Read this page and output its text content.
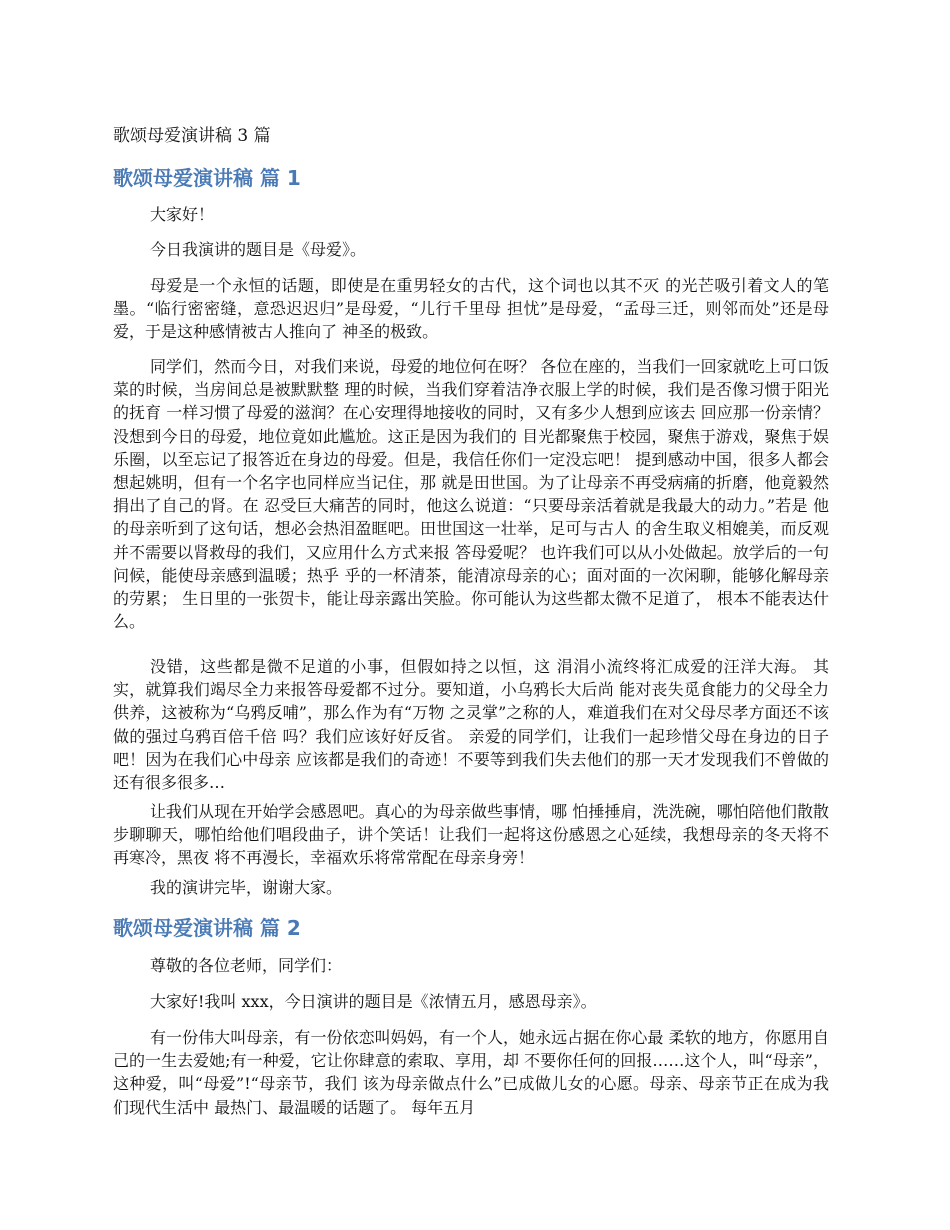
歌颂母爱演讲稿 3 篇
歌颂母爱演讲稿 篇 1

大家好！

今日我演讲的题目是《母爱》。

母爱是一个永恒的话题，即使是在重男轻女的古代，这个词也以其不灭 的光芒吸引着文人的笔墨。“临行密密缝，意恐迟迟归”是母爱，“儿行千里母 担忧”是母爱，“孟母三迁，则邻而处”还是母爱，于是这种感情被古人推向了 神圣的极致。

同学们，然而今日，对我们来说，母爱的地位何在呀？ 各位在座的，当我们一回家就吃上可口饭菜的时候，当房间总是被默默整 理的时候，当我们穿着洁净衣服上学的时候，我们是否像习惯于阳光的抚育 一样习惯了母爱的滋润？在心安理得地接收的同时，又有多少人想到应该去 回应那一份亲情？没想到今日的母爱，地位竟如此尴尬。这正是因为我们的 目光都聚焦于校园，聚焦于游戏，聚焦于娱乐圈，以至忘记了报答近在身边的母爱。但是，我信任你们一定没忘吧！ 提到感动中国，很多人都会想起姚明，但有一个名字也同样应当记住，那 就是田世国。为了让母亲不再受病痛的折磨，他竟毅然捐出了自己的肾。在 忍受巨大痛苦的同时，他这么说道：“只要母亲活着就是我最大的动力。”若是 他的母亲听到了这句话，想必会热泪盈眶吧。田世国这一壮举，足可与古人 的舍生取义相媲美，而反观并不需要以肾救母的我们，又应用什么方式来报 答母爱呢？ 也许我们可以从小处做起。放学后的一句问候，能使母亲感到温暖；热乎 乎的一杯清茶，能清凉母亲的心；面对面的一次闲聊，能够化解母亲的劳累； 生日里的一张贺卡，能让母亲露出笑脸。你可能认为这些都太微不足道了， 根本不能表达什么。

没错，这些都是微不足道的小事，但假如持之以恒，这 涓涓小流终将汇成爱的汪洋大海。 其实，就算我们竭尽全力来报答母爱都不过分。要知道，小乌鸦长大后尚 能对丧失觅食能力的父母全力供养，这被称为“乌鸦反哺”，那么作为有“万物 之灵掌”之称的人，难道我们在对父母尽孝方面还不该做的强过乌鸦百倍千倍 吗？我们应该好好反省。 亲爱的同学们，让我们一起珍惜父母在身边的日子吧！因为在我们心中母亲 应该都是我们的奇迹！不要等到我们失去他们的那一天才发现我们不曾做的 还有很多很多…

让我们从现在开始学会感恩吧。真心的为母亲做些事情，哪 怕捶捶肩，洗洗碗，哪怕陪他们散散步聊聊天，哪怕给他们唱段曲子，讲个笑话！让我们一起将这份感恩之心延续，我想母亲的冬天将不再寒冷，黑夜 将不再漫长，幸福欢乐将常常配在母亲身旁！

我的演讲完毕，谢谢大家。

歌颂母爱演讲稿 篇 2

尊敬的各位老师，同学们：

大家好!我叫 xxx，今日演讲的题目是《浓情五月，感恩母亲》。

有一份伟大叫母亲，有一份依恋叫妈妈，有一个人，她永远占据在你心最 柔软的地方，你愿用自己的一生去爱她;有一种爱，它让你肆意的索取、享用，却 不要你任何的回报……这个人，叫“母亲”，这种爱，叫“母爱”!“母亲节，我们 该为母亲做点什么”已成做儿女的心愿。母亲、母亲节正在成为我们现代生活中 最热门、最温暖的话题了。 每年五月
